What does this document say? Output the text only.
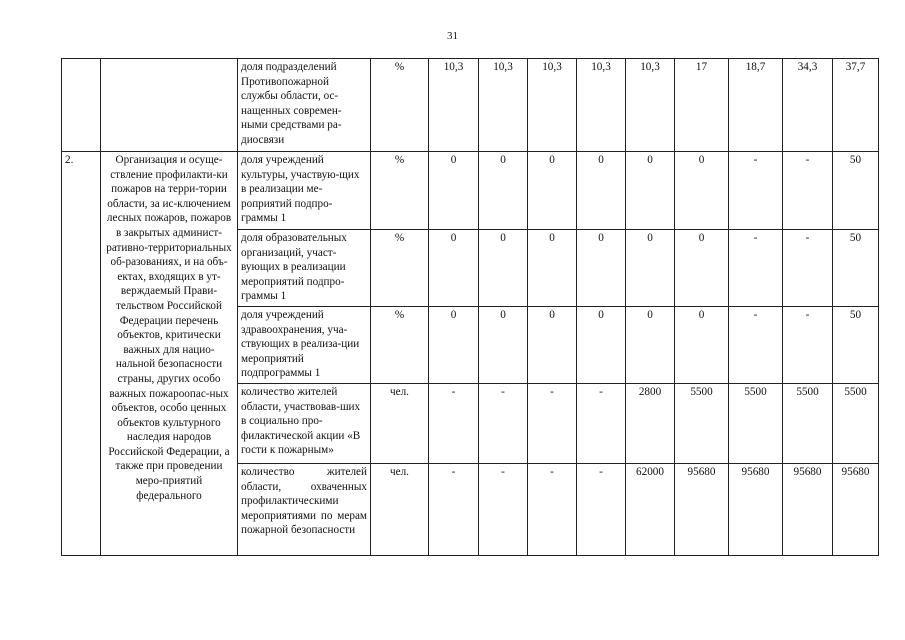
31
		доля подразделений Противопожарной службы области, ос-нащенных современ-ными средствами ра-диосвязи	%	10,3	10,3	10,3	10,3	10,3	17	18,7	34,3	37,7
2.	Организация и осуще-ствление профилакти-ки пожаров на терри-тории области, за ис-ключением лесных пожаров, пожаров в закрытых админист-ративно-территориальных об-разованиях, и на объ-ектах, входящих в ут-верждаемый Прави-тельством Российской Федерации перечень объектов, критически важных для нацио-нальной безопасности страны, других особо важных пожароопас-ных объектов, особо ценных объектов культурного наследия народов Российской Федерации, а также при проведении меро-приятий федерального	доля учреждений культуры, участвую-щих в реализации ме-роприятий подпро-граммы 1	%	0	0	0	0	0	0	-	-	50
		доля образовательных организаций, участ-вующих в реализации мероприятий подпро-граммы 1	%	0	0	0	0	0	0	-	-	50
		доля учреждений здравоохранения, уча-ствующих в реализа-ции мероприятий подпрограммы 1	%	0	0	0	0	0	0	-	-	50
		количество жителей области, участвовав-ших в социально про-филактической акции «В гости к пожарным»	чел.	-	-	-	-	2800	5500	5500	5500	5500
		количество жителей области, охваченных профилактическими мероприятиями по мерам пожарной безопасности	чел.	-	-	-	-	62000	95680	95680	95680	95680
